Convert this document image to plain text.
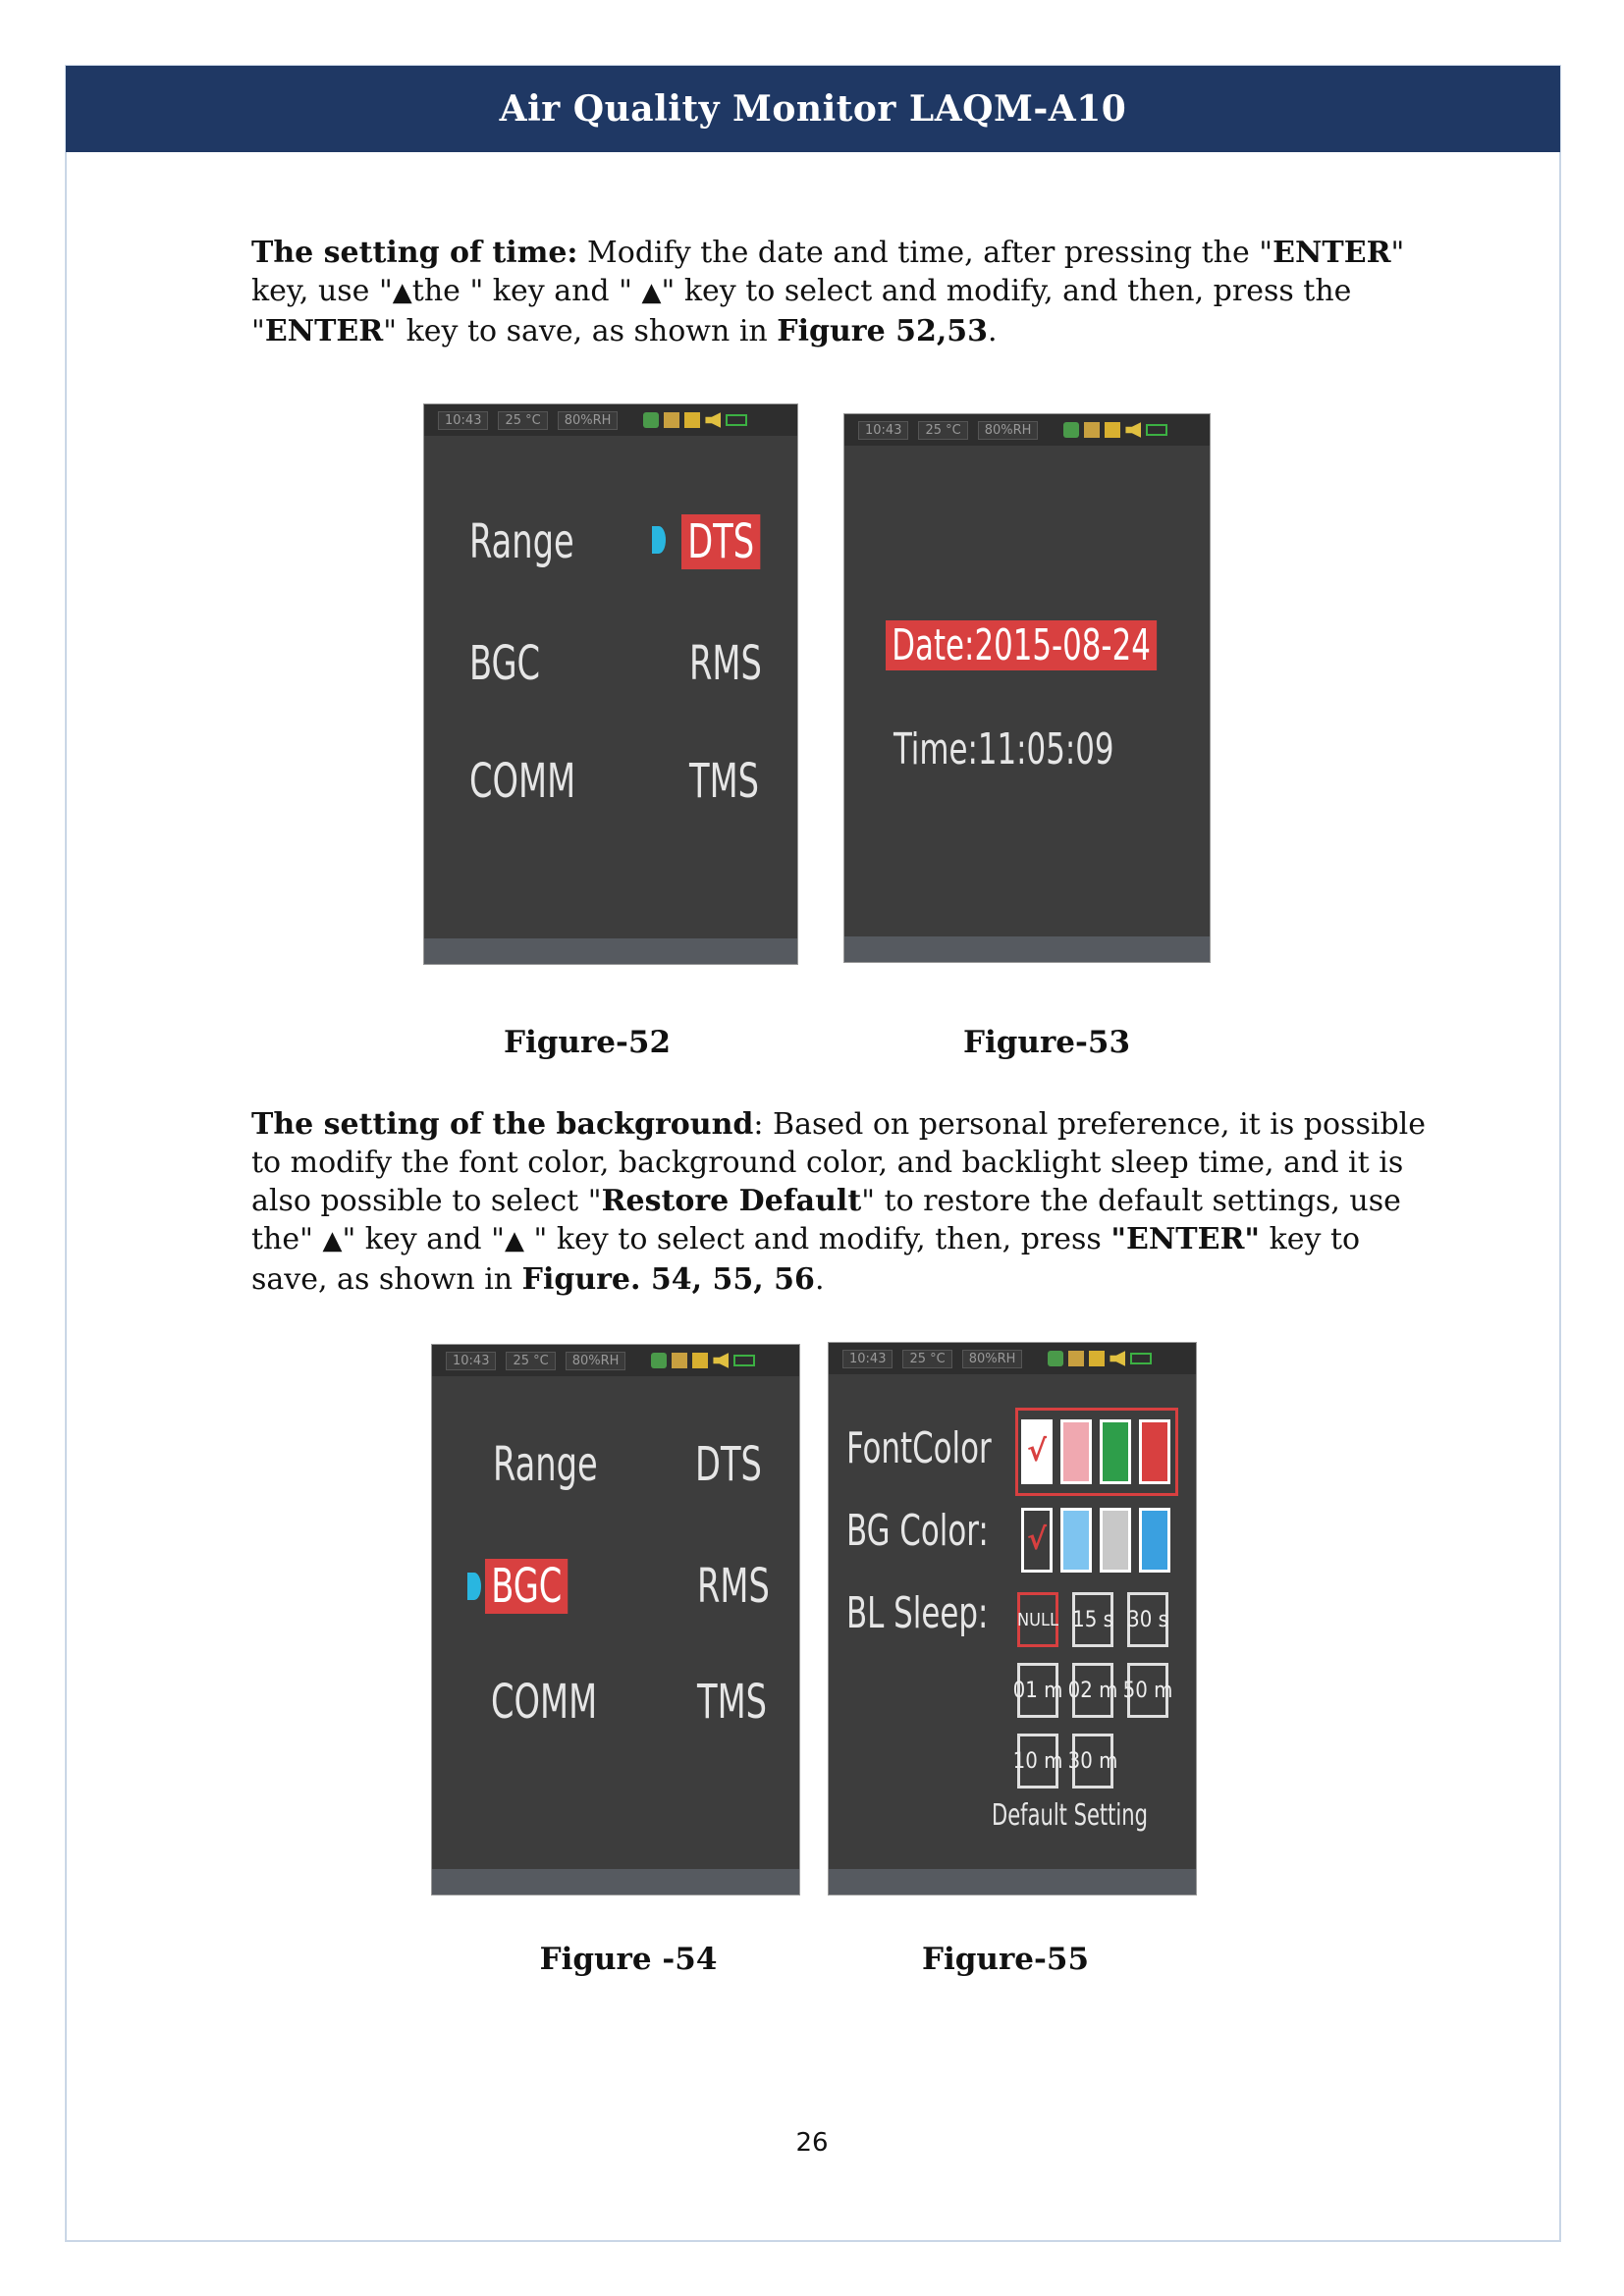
Air Quality Monitor LAQM-A10
The setting of time: Modify the date and time, after pressing the "ENTER" key, use "▲the " key and " ▲" key to select and modify, and then, press the "ENTER" key to save, as shown in Figure 52,53.
10:43	25 °C	80%RH
Range DTS
BGC	RMS
COMM TMS
Figure-52
10:43	25 °C	80%RH
Date:2015-08-24
Time:11:05:09
Figure-53
The setting of the background: Based on personal preference, it is possible to modify the font color, background color, and backlight sleep time, and it is also possible to select "Restore Default" to restore the default settings, use the" ▲" key and "▲ " key to select and modify, then, press "ENTER" key to save, as shown in Figure. 54, 55, 56.
10:43	25 °C	80%RH
Range DTS
BGC	RMS
COMM TMS
Figure -54
10:43	25 °C	80%RH
FontColor
BG Color:
BL Sleep:
√
√
NULL 15 s 30 s
01 m 02 m 50 m
10 m 30 m
Default Setting
Figure-55
26
